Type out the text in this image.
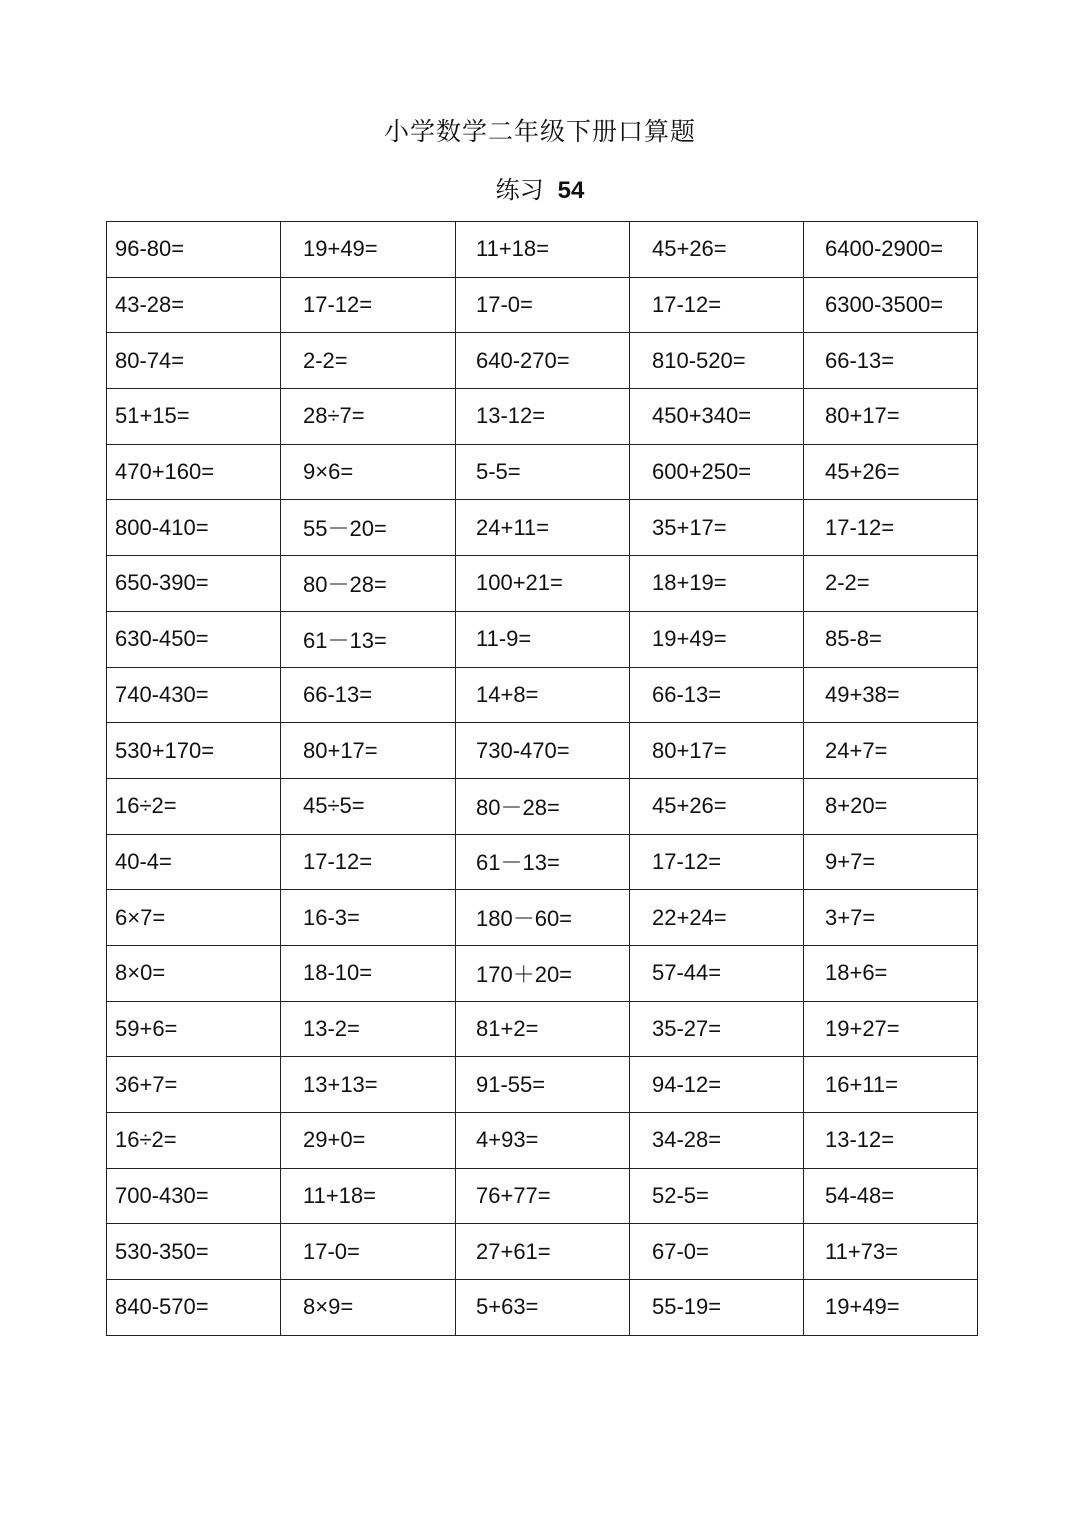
小学数学二年级下册口算题
练习 54
96-80=	19+49=	11+18=	45+26=	6400-2900=
43-28=	17-12=	17-0=	17-12=	6300-3500=
80-74=	2-2=	640-270=	810-520=	66-13=
51+15=	28÷7=	13-12=	450+340=	80+17=
470+160=	9×6=	5-5=	600+250=	45+26=
800-410=	55－20=	24+11=	35+17=	17-12=
650-390=	80－28=	100+21=	18+19=	2-2=
630-450=	61－13=	11-9=	19+49=	85-8=
740-430=	66-13=	14+8=	66-13=	49+38=
530+170=	80+17=	730-470=	80+17=	24+7=
16÷2=	45÷5=	80－28=	45+26=	8+20=
40-4=	17-12=	61－13=	17-12=	9+7=
6×7=	16-3=	180－60=	22+24=	3+7=
8×0=	18-10=	170＋20=	57-44=	18+6=
59+6=	13-2=	81+2=	35-27=	19+27=
36+7=	13+13=	91-55=	94-12=	16+11=
16÷2=	29+0=	4+93=	34-28=	13-12=
700-430=	11+18=	76+77=	52-5=	54-48=
530-350=	17-0=	27+61=	67-0=	11+73=
840-570=	8×9=	5+63=	55-19=	19+49=
